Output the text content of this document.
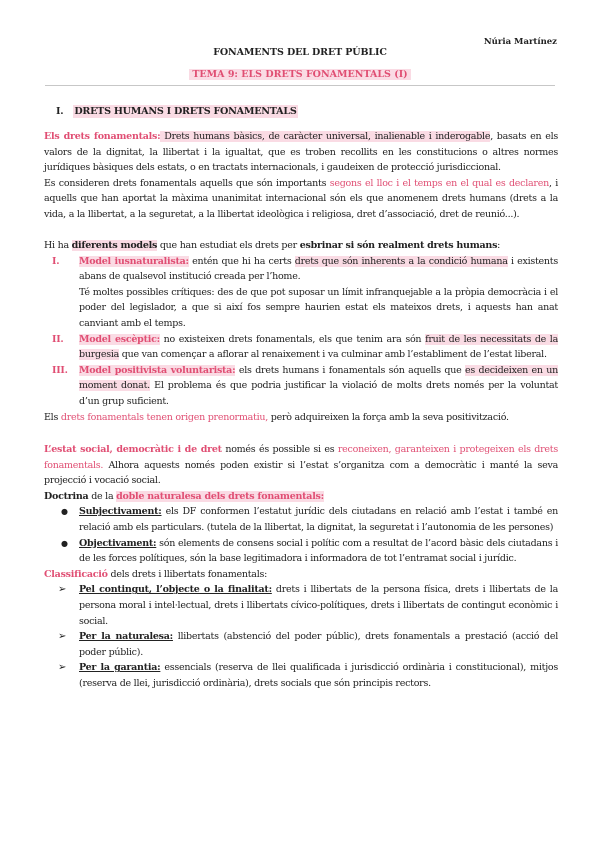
Núria Martínez
FONAMENTS DEL DRET PÚBLIC
TEMA 9: ELS DRETS FONAMENTALS (I)
I. DRETS HUMANS I DRETS FONAMENTALS

Els drets fonamentals: Drets humans bàsics, de caràcter universal, inalienable i inderogable, basats en els valors de la dignitat, la llibertat i la igualtat, que es troben recollits en les constitucions o altres normes jurídiques bàsiques dels estats, o en tractats internacionals, i gaudeixen de protecció jurisdiccional.

Es consideren drets fonamentals aquells que són importants segons el lloc i el temps en el qual es declaren, i aquells que han aportat la màxima unanimitat internacional són els que anomenem drets humans (drets a la vida, a la llibertat, a la seguretat, a la llibertat ideològica i religiosa, dret d’associació, dret de reunió...).

Hi ha diferents models que han estudiat els drets per esbrinar si són realment drets humans:

I. Model iusnaturalista: entén que hi ha certs drets que són inherents a la condició humana i existents abans de qualsevol institució creada per l’home.

Té moltes possibles crítiques: des de que pot suposar un límit infranquejable a la pròpia democràcia i el poder del legislador, a que si així fos sempre haurien estat els mateixos drets, i aquests han anat canviant amb el temps.

II. Model escèptic: no existeixen drets fonamentals, els que tenim ara són fruit de les necessitats de la burgesia que van començar a aflorar al renaixement i va culminar amb l’establiment de l’estat liberal.

III. Model positivista voluntarista: els drets humans i fonamentals són aquells que es decideixen en un moment donat. El problema és que podria justificar la violació de molts drets només per la voluntat d’un grup suficient.

Els drets fonamentals tenen origen prenormatiu, però adquireixen la força amb la seva positivització.

L’estat social, democràtic i de dret només és possible si es reconeixen, garanteixen i protegeixen els drets fonamentals. Alhora aquests només poden existir si l’estat s’organitza com a democràtic i manté la seva projecció i vocació social.

Doctrina de la doble naturalesa dels drets fonamentals:

● Subjectivament: els DF conformen l’estatut jurídic dels ciutadans en relació amb l’estat i també en relació amb els particulars. (tutela de la llibertat, la dignitat, la seguretat i l’autonomia de les persones)

● Objectivament: són elements de consens social i polític com a resultat de l’acord bàsic dels ciutadans i de les forces polítiques, són la base legitimadora i informadora de tot l’entramat social i jurídic.

Classificació dels drets i llibertats fonamentals:

➢ Pel contingut, l’objecte o la finalitat: drets i llibertats de la persona física, drets i llibertats de la persona moral i intel·lectual, drets i llibertats cívico-polítiques, drets i llibertats de contingut econòmic i social.

➢ Per la naturalesa: llibertats (abstenció del poder públic), drets fonamentals a prestació (acció del poder públic).

➢ Per la garantia: essencials (reserva de llei qualificada i jurisdicció ordinària i constitucional), mitjos (reserva de llei, jurisdicció ordinària), drets socials que són principis rectors.
